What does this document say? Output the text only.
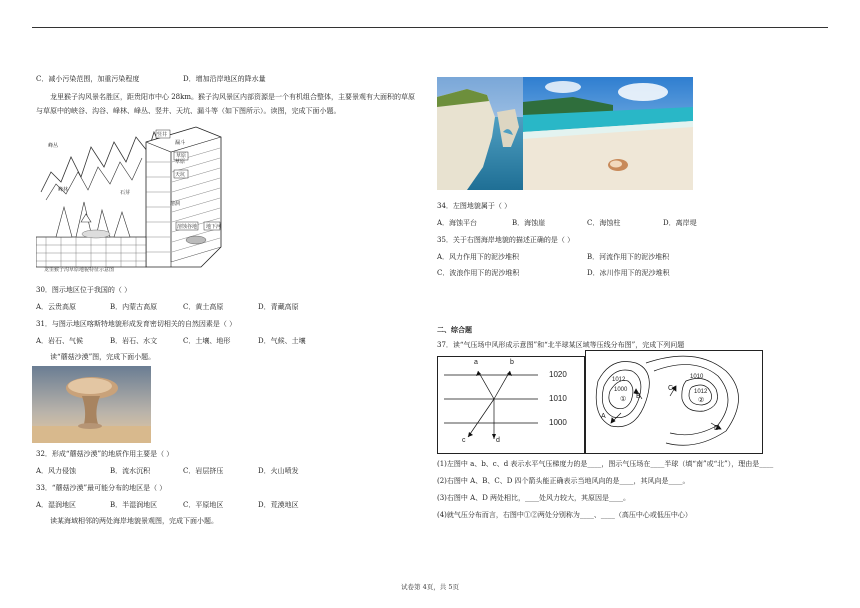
C．减小污染范围，加重污染程度	D．增加沿岸地区的降水量
龙里猴子沟风景名胜区，距贵阳市中心 28km。猴子沟风景区内部资源是一个有机组合整体，主要景观有大面积的草原与草原中的峡谷、沟谷、峰林、峰丛、竖井、天坑、漏斗等（如下图所示）。读图，完成下面小题。
龙里猴子沟草原地貌特征示意图
峰丛
峰林
竖井
漏斗
草原
天坑
石芽
溶洞
草原
溶蚀谷地 地下河
30．图示地区位于我国的（ ）
A．云贵高原	B．内蒙古高原	C．黄土高原	D．青藏高原
31．与图示地区喀斯特地貌形成发育密切相关的自然因素是（ ）
A．岩石、气候	B．岩石、水文	C．土壤、地形	D．气候、土壤
读“蘑菇沙漠”图，完成下面小题。
32．形成“蘑菇沙漠”的地质作用主要是（ ）
A．风力侵蚀	B．流水沉积	C．岩层挤压	D．火山喷发
33．“蘑菇沙漠”最可能分布的地区是（ ）
A．湿润地区	B．半湿润地区	C．平原地区	D．荒漠地区
读某海域相邻的两处海岸地貌景观图，完成下面小题。
34．左图地貌属于（ ）
A．海蚀平台	B．海蚀崖	C．海蚀柱	D．离岸堤
35．关于右图海岸地貌的描述正确的是（ ）
A．风力作用下的泥沙堆积	B．河流作用下的泥沙堆积
C．波浪作用下的泥沙堆积	D．冰川作用下的泥沙堆积
二、综合题
37．读“气压场中风形成示意图”和“北半球某区域等压线分布图”，完成下列问题
a	b
c	d
1020
1010
1000
1012
1000
1010
1012
A
B
C
D
①	②
(1)左图中 a、b、c、d 表示水平气压梯度力的是____，图示气压场在____半球（填“南”或“北”），理由是____
(2)右图中 A、B、C、D 四个箭头能正确表示当地风向的是____，其风向是____。
(3)右图中 A、D 两处相比，____处风力较大，其原因是____。
(4)就气压分布而言，右图中①②两处分别称为____、____（高压中心或低压中心）
试卷第 4页，共 5页
